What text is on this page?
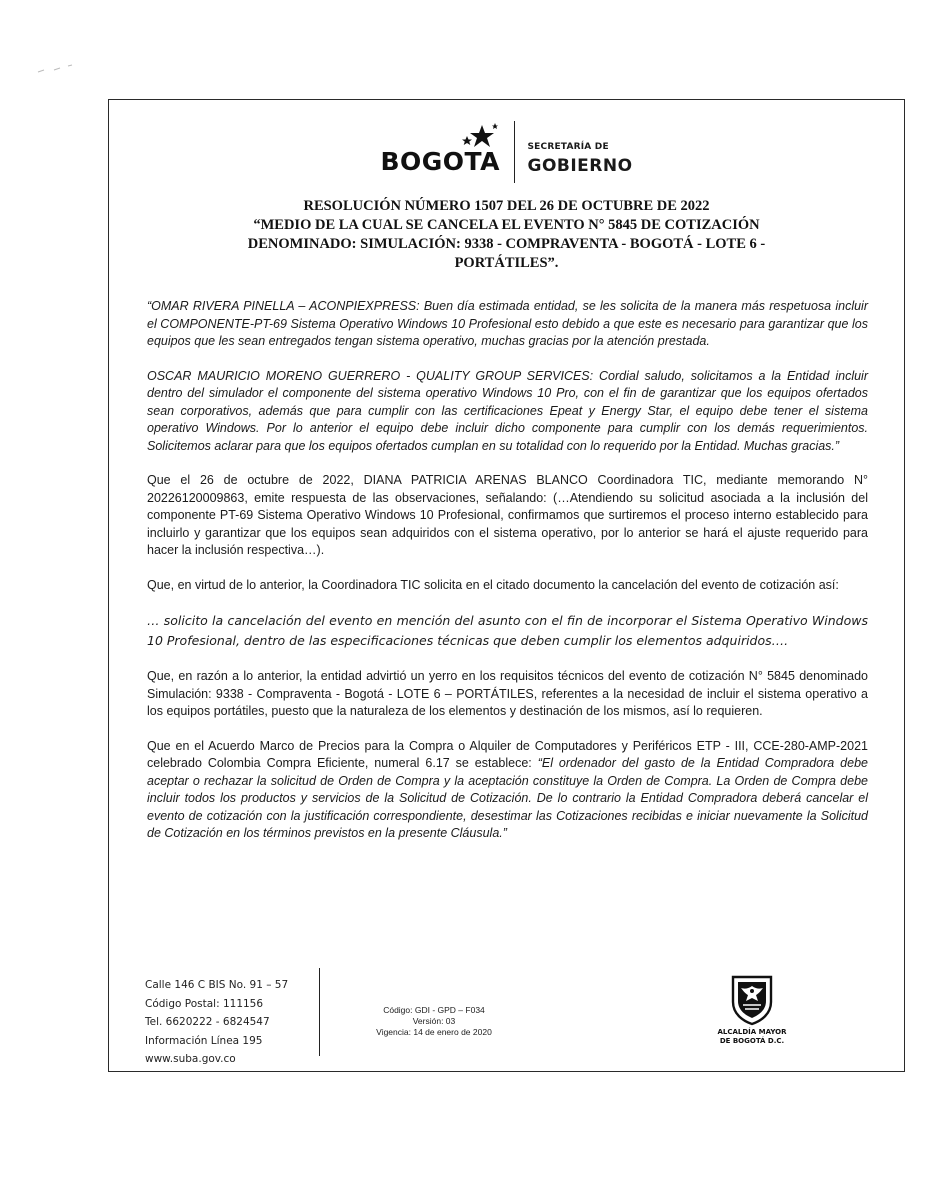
BOGOTA	SECRETARÍA DE
GOBIERNO
RESOLUCIÓN NÚMERO 1507 DEL 26 DE OCTUBRE DE 2022
“MEDIO DE LA CUAL SE CANCELA EL EVENTO N° 5845 DE COTIZACIÓN
DENOMINADO: SIMULACIÓN: 9338 - COMPRAVENTA - BOGOTÁ - LOTE 6 -
PORTÁTILES”.

“OMAR RIVERA PINELLA – ACONPIEXPRESS: Buen día estimada entidad, se les solicita de la manera más respetuosa incluir el COMPONENTE-PT-69 Sistema Operativo Windows 10 Profesional esto debido a que este es necesario para garantizar que los equipos que les sean entregados tengan sistema operativo, muchas gracias por la atención prestada.

OSCAR MAURICIO MORENO GUERRERO - QUALITY GROUP SERVICES: Cordial saludo, solicitamos a la Entidad incluir dentro del simulador el componente del sistema operativo Windows 10 Pro, con el fin de garantizar que los equipos ofertados sean corporativos, además que para cumplir con las certificaciones Epeat y Energy Star, el equipo debe tener el sistema operativo Windows. Por lo anterior el equipo debe incluir dicho componente para cumplir con los demás requerimientos. Solicitemos aclarar para que los equipos ofertados cumplan en su totalidad con lo requerido por la Entidad. Muchas gracias.”

Que el 26 de octubre de 2022, DIANA PATRICIA ARENAS BLANCO Coordinadora TIC, mediante memorando N° 20226120009863, emite respuesta de las observaciones, señalando: (…Atendiendo su solicitud asociada a la inclusión del componente PT-69 Sistema Operativo Windows 10 Profesional, confirmamos que surtiremos el proceso interno establecido para incluirlo y garantizar que los equipos sean adquiridos con el sistema operativo, por lo anterior se hará el ajuste requerido para hacer la inclusión respectiva…).

Que, en virtud de lo anterior, la Coordinadora TIC solicita en el citado documento la cancelación del evento de cotización así:

… solicito la cancelación del evento en mención del asunto con el fin de incorporar el Sistema Operativo Windows 10 Profesional, dentro de las especificaciones técnicas que deben cumplir los elementos adquiridos….

Que, en razón a lo anterior, la entidad advirtió un yerro en los requisitos técnicos del evento de cotización N° 5845 denominado Simulación: 9338 - Compraventa - Bogotá - LOTE 6 – PORTÁTILES, referentes a la necesidad de incluir el sistema operativo a los equipos portátiles, puesto que la naturaleza de los elementos y destinación de los mismos, así lo requieren.

Que en el Acuerdo Marco de Precios para la Compra o Alquiler de Computadores y Periféricos ETP - III, CCE-280-AMP-2021 celebrado Colombia Compra Eficiente, numeral 6.17 se establece: “El ordenador del gasto de la Entidad Compradora debe aceptar o rechazar la solicitud de Orden de Compra y la aceptación constituye la Orden de Compra. La Orden de Compra debe incluir todos los productos y servicios de la Solicitud de Cotización. De lo contrario la Entidad Compradora deberá cancelar el evento de cotización con la justificación correspondiente, desestimar las Cotizaciones recibidas e iniciar nuevamente la Solicitud de Cotización en los términos previstos en la presente Cláusula.”

Calle 146 C BIS No. 91 – 57
Código Postal: 111156
Tel. 6620222 - 6824547
Información Línea 195
www.suba.gov.co
Código: GDI - GPD – F034
Versión: 03
Vigencia: 14 de enero de 2020	ALCALDÍA MAYOR
DE BOGOTÁ D.C.
